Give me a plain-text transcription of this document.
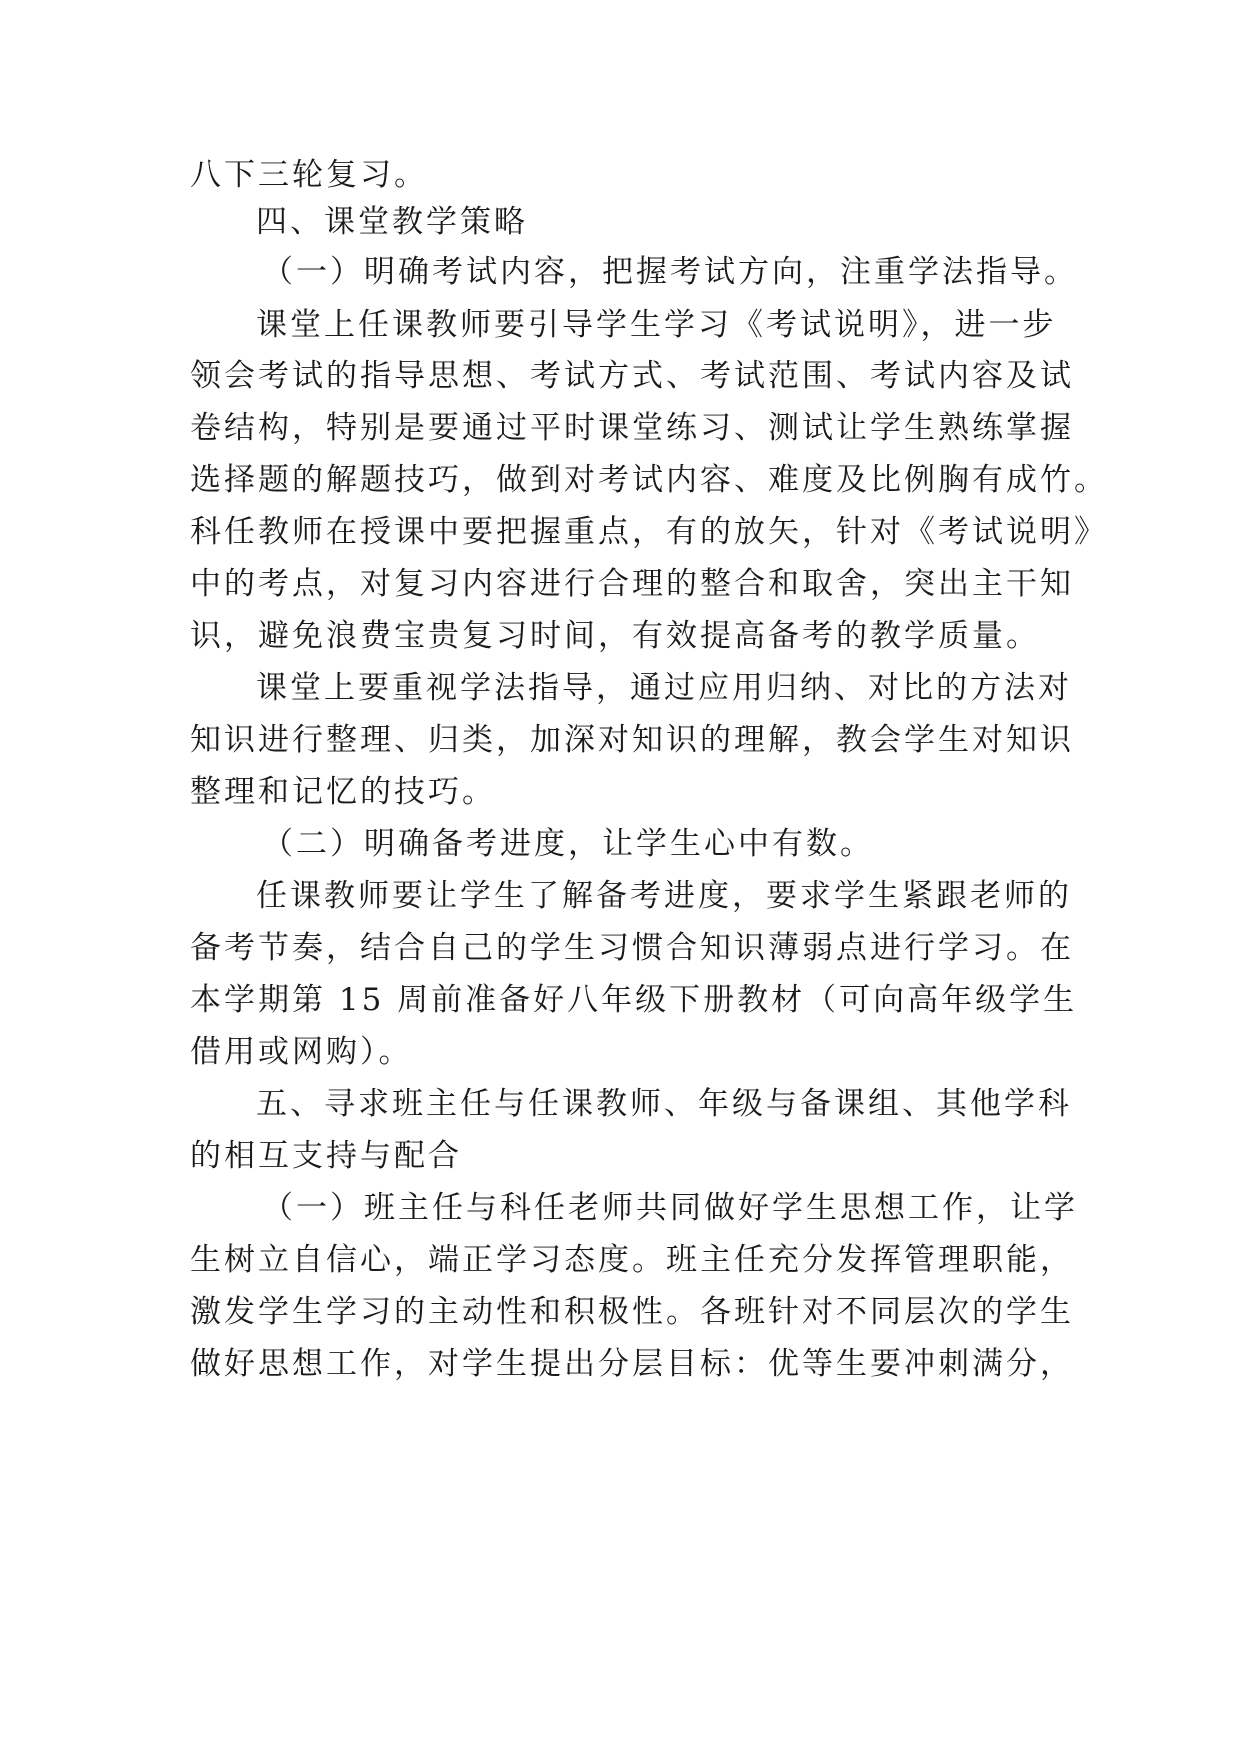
八下三轮复习。
四、课堂教学策略
（一）明确考试内容，把握考试方向，注重学法指导。
课堂上任课教师要引导学生学习《考试说明》，进一步
领会考试的指导思想、考试方式、考试范围、考试内容及试
卷结构，特别是要通过平时课堂练习、测试让学生熟练掌握
选择题的解题技巧，做到对考试内容、难度及比例胸有成竹。
科任教师在授课中要把握重点，有的放矢，针对《考试说明》
中的考点，对复习内容进行合理的整合和取舍，突出主干知
识，避免浪费宝贵复习时间，有效提高备考的教学质量。
课堂上要重视学法指导，通过应用归纳、对比的方法对
知识进行整理、归类，加深对知识的理解，教会学生对知识
整理和记忆的技巧。
（二）明确备考进度，让学生心中有数。
任课教师要让学生了解备考进度，要求学生紧跟老师的
备考节奏，结合自己的学生习惯合知识薄弱点进行学习。在
本学期第 15 周前准备好八年级下册教材（可向高年级学生
借用或网购）。
五、寻求班主任与任课教师、年级与备课组、其他学科
的相互支持与配合
（一）班主任与科任老师共同做好学生思想工作，让学
生树立自信心，端正学习态度。班主任充分发挥管理职能，
激发学生学习的主动性和积极性。各班针对不同层次的学生
做好思想工作，对学生提出分层目标：优等生要冲刺满分，
